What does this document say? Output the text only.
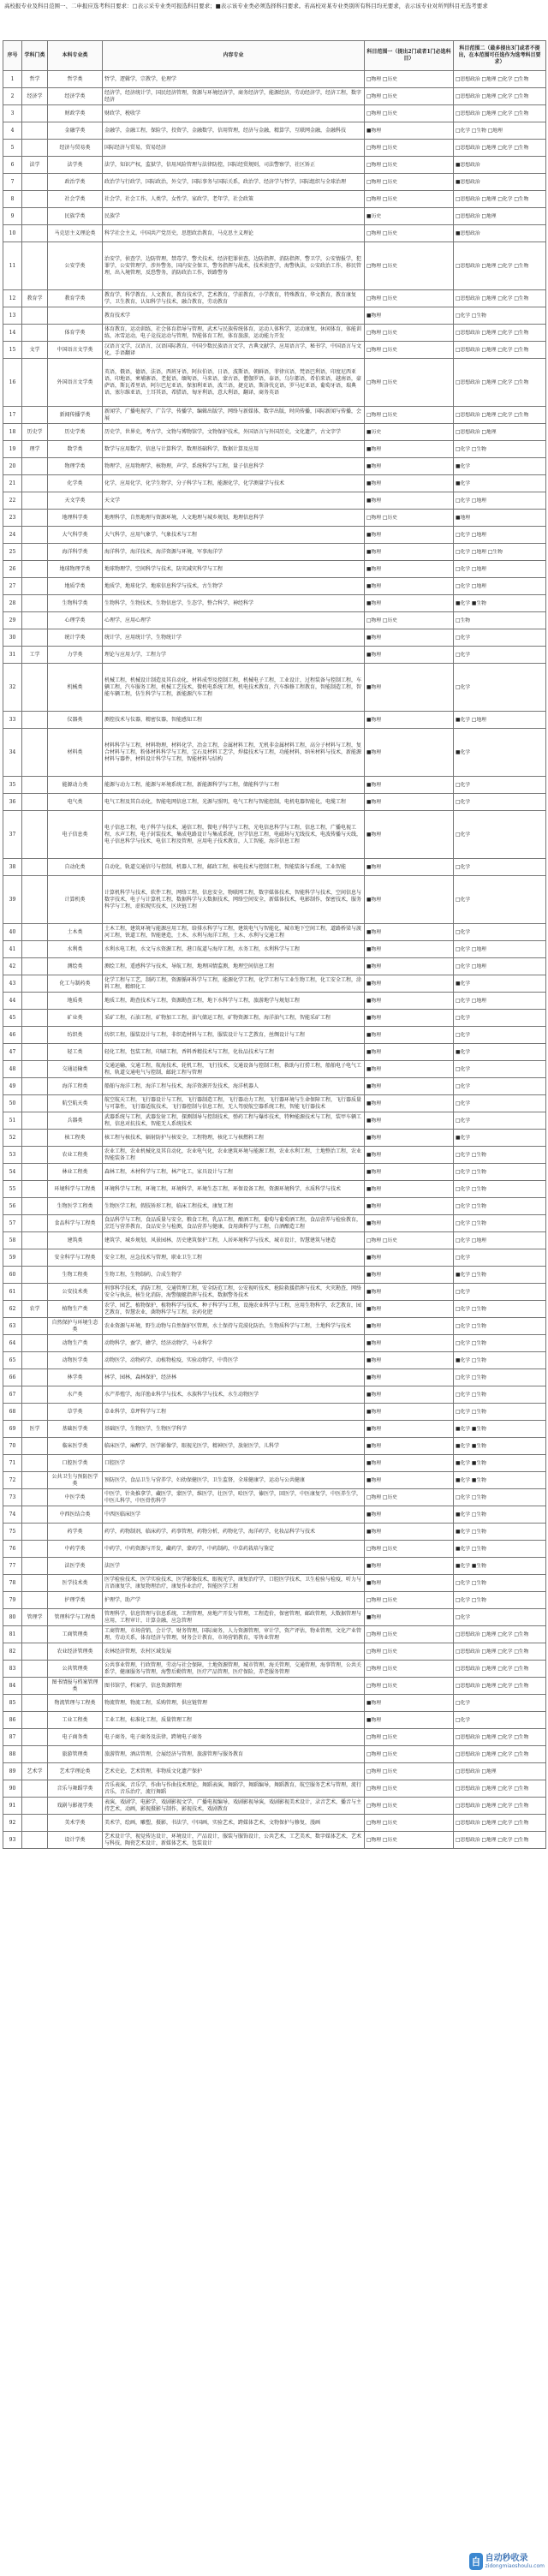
高校报专业及科目范围一、二申报应选考科目要求：□表示采专业类可报选科目要求；■表示该专业类必须选择科目要求。若高校对某专业类别所有科目均无要求，表示该专业对所列科目无选考要求
序号	学科门类	本科专业类	内容专业	科目范围一（提出2门或者1门必选科目）	科目范围二（最多提出3门或者不提出，在本范围可任选作为选考科目要求）
1	哲学	哲学类	哲学，逻辑学，宗教学，伦理学	□物理 □历史	□思想政治 □地理 □化学 □生物
2	经济学	经济学类	经济学，经济统计学，国民经济管理，资源与环境经济学，商务经济学，能源经济，劳动经济学，经济工程，数字经济	□物理 □历史	□思想政治 □地理 □化学 □生物
3		财政学类	财政学，税收学	□物理 □历史	□思想政治 □地理 □化学 □生物
4		金融学类	金融学，金融工程，保险学，投资学，金融数学，信用管理，经济与金融，精算学，互联网金融，金融科技	■物理	□化学 □生物 □地理
5		经济与贸易类	国际经济与贸易，贸易经济	□物理 □历史	□思想政治 □地理 □化学 □生物
6	法学	法学类	法学，知识产权，监狱学，信用风险管理与法律防控，国际经贸规则，司法警察学，社区矫正	□物理 □历史	■思想政治
7		政治学类	政治学与行政学，国际政治，外交学，国际事务与国际关系，政治学、经济学与哲学，国际组织与全球治理	□物理 □历史	■思想政治
8		社会学类	社会学，社会工作，人类学，女性学，家政学，老年学，社会政策	□物理 □历史	□思想政治 □地理 □化学 □生物
9		民族学类	民族学	■历史	□思想政治 □地理
10		马克思主义理论类	科学社会主义，中国共产党历史，思想政治教育，马克思主义理论	□物理 □历史	■思想政治
11		公安学类	治安学，侦查学，边防管理，禁毒学，警犬技术，经济犯罪侦查，边防指挥，消防指挥，警卫学，公安情报学，犯罪学，公安管理学，涉外警务，国内安全保卫，警务指挥与战术，技术侦查学，海警执法，公安政治工作，移民管理，出入境管理，反恐警务，消防政治工作，铁路警务	□物理 □历史	□思想政治 □地理 □化学 □生物
12	教育学	教育学类	教育学，科学教育，人文教育，教育技术学，艺术教育，学前教育，小学教育，特殊教育，华文教育，教育康复学，卫生教育，认知科学与技术，融合教育，劳动教育	□物理 □历史	□思想政治 □地理 □化学 □生物
13			教育技术学	■物理	□化学 □生物
14		体育学类	体育教育，运动训练，社会体育指导与管理，武术与民族传统体育，运动人体科学，运动康复，休闲体育，体能训练，冰雪运动，电子竞技运动与管理，智能体育工程，体育旅游，运动能力开发	□物理 □历史	□思想政治 □地理 □化学 □生物
15	文学	中国语言文学类	汉语言文学，汉语言，汉语国际教育，中国少数民族语言文学，古典文献学，应用语言学，秘书学，中国语言与文化，手语翻译	□物理 □历史	□思想政治 □地理 □化学 □生物
16		外国语言文学类	英语，俄语，德语，法语，西班牙语，阿拉伯语，日语，波斯语，朝鲜语，菲律宾语，梵语巴利语，印度尼西亚语，印地语，柬埔寨语，老挝语，缅甸语，马来语，蒙古语，僧伽罗语，泰语，乌尔都语，希伯来语，越南语，豪萨语，斯瓦希里语，阿尔巴尼亚语，保加利亚语，波兰语，捷克语，斯洛伐克语，罗马尼亚语，葡萄牙语，瑞典语，塞尔维亚语，土耳其语，希腊语，匈牙利语，意大利语，翻译，商务英语	□物理 □历史	□思想政治 □地理 □化学 □生物
17		新闻传播学类	新闻学，广播电视学，广告学，传播学，编辑出版学，网络与新媒体，数字出版，时尚传播，国际新闻与传播，会展	□物理 □历史	□思想政治 □地理 □化学 □生物
18	历史学	历史学类	历史学，世界史，考古学，文物与博物馆学，文物保护技术，外国语言与外国历史，文化遗产，古文字学	■历史	□思想政治 □地理
19	理学	数学类	数学与应用数学，信息与计算科学，数理基础科学，数据计算及应用	■物理	□化学 □生物
20		物理学类	物理学，应用物理学，核物理，声学，系统科学与工程，量子信息科学	■物理	■化学
21		化学类	化学，应用化学，化学生物学，分子科学与工程，能源化学，化学测量学与技术	■物理	■化学
22		天文学类	天文学	■物理	□化学 □地理
23		地理科学类	地理科学，自然地理与资源环境，人文地理与城乡规划，地理信息科学	□物理 □历史	■地理
24		大气科学类	大气科学，应用气象学，气象技术与工程	■物理	□化学 □地理
25		海洋科学类	海洋科学，海洋技术，海洋资源与环境，军事海洋学	■物理	□化学 □地理 □生物
26		地球物理学类	地球物理学，空间科学与技术，防灾减灾科学与工程	■物理	□化学 □地理
27		地质学类	地质学，地球化学，地球信息科学与技术，古生物学	■物理	□化学 □地理
28		生物科学类	生物科学，生物技术，生物信息学，生态学，整合科学，神经科学	■物理	■化学 ■生物
29		心理学类	心理学，应用心理学	□物理 □历史	□生物
30		统计学类	统计学，应用统计学，生物统计学	■物理	□化学
31	工学	力学类	理论与应用力学，工程力学	■物理	□化学
32		机械类	机械工程，机械设计制造及其自动化，材料成型及控制工程，机械电子工程，工业设计，过程装备与控制工程，车辆工程，汽车服务工程，机械工艺技术，微机电系统工程，机电技术教育，汽车维修工程教育，智能制造工程，智能车辆工程，仿生科学与工程，新能源汽车工程	■物理	□化学
33		仪器类	测控技术与仪器，精密仪器，智能感知工程	■物理	■化学 □地理
34		材料类	材料科学与工程，材料物理，材料化学，冶金工程，金属材料工程，无机非金属材料工程，高分子材料与工程，复合材料与工程，粉体材料科学与工程，宝石及材料工艺学，焊接技术与工程，功能材料，纳米材料与技术，新能源材料与器件，材料设计科学与工程，智能材料与结构	■物理	■化学
35		能源动力类	能源与动力工程，能源与环境系统工程，新能源科学与工程，储能科学与工程	■物理	□化学
36		电气类	电气工程及其自动化，智能电网信息工程，光源与照明，电气工程与智能控制，电机电器智能化，电缆工程	■物理	□化学
37		电子信息类	电子信息工程，电子科学与技术，通信工程，微电子科学与工程，光电信息科学与工程，信息工程，广播电视工程，水声工程，电子封装技术，集成电路设计与集成系统，医学信息工程，电磁场与无线技术，电波传播与天线，电子信息科学与技术，电信工程及管理，应用电子技术教育，人工智能，海洋信息工程	■物理	□化学
38		自动化类	自动化，轨道交通信号与控制，机器人工程，邮政工程，核电技术与控制工程，智能装备与系统，工业智能	■物理	□化学
39		计算机类	计算机科学与技术，软件工程，网络工程，信息安全，物联网工程，数字媒体技术，智能科学与技术，空间信息与数字技术，电子与计算机工程，数据科学与大数据技术，网络空间安全，新媒体技术，电影制作，保密技术，服务科学与工程，虚拟现实技术，区块链工程	■物理	□化学
40		土木类	土木工程，建筑环境与能源应用工程，给排水科学与工程，建筑电气与智能化，城市地下空间工程，道路桥梁与渡河工程，铁道工程，智能建造，土木、水利与海洋工程，土木、水利与交通工程	■物理	□化学
41		水利类	水利水电工程，水文与水资源工程，港口航道与海岸工程，水务工程，水利科学与工程	■物理	□化学 □地理
42		测绘类	测绘工程，遥感科学与技术，导航工程，地理国情监测，地理空间信息工程	■物理	□化学 □地理
43		化工与制药类	化学工程与工艺，制药工程，资源循环科学与工程，能源化学工程，化学工程与工业生物工程，化工安全工程，涂料工程，精细化工	■物理	■化学
44		地质类	地质工程，勘查技术与工程，资源勘查工程，地下水科学与工程，旅游地学与规划工程	■物理	□化学 □地理
45		矿业类	采矿工程，石油工程，矿物加工工程，油气储运工程，矿物资源工程，海洋油气工程，智能采矿工程	■物理	□化学
46		纺织类	纺织工程，服装设计与工程，非织造材料与工程，服装设计与工艺教育，丝绸设计与工程	■物理	□化学
47		轻工类	轻化工程，包装工程，印刷工程，香料香精技术与工程，化妆品技术与工程	■物理	■化学
48		交通运输类	交通运输，交通工程，航海技术，轮机工程，飞行技术，交通设备与控制工程，救助与打捞工程，船舶电子电气工程，轨道交通电气与控制，邮轮工程与管理	■物理	□化学
49		海洋工程类	船舶与海洋工程，海洋工程与技术，海洋资源开发技术，海洋机器人	■物理	□化学
50		航空航天类	航空航天工程，飞行器设计与工程，飞行器制造工程，飞行器动力工程，飞行器环境与生命保障工程，飞行器质量与可靠性，飞行器适航技术，飞行器控制与信息工程，无人驾驶航空器系统工程，智能飞行器技术	■物理	□化学
51		兵器类	武器系统与工程，武器发射工程，探测制导与控制技术，弹药工程与爆炸技术，特种能源技术与工程，装甲车辆工程，信息对抗技术，智能无人系统技术	■物理	□化学
52		核工程类	核工程与核技术，辐射防护与核安全，工程物理，核化工与核燃料工程	■物理	■化学
53		农业工程类	农业工程，农业机械化及其自动化，农业电气化，农业建筑环境与能源工程，农业水利工程，土地整治工程，农业智能装备工程	■物理	□化学 □生物
54		林业工程类	森林工程，木材科学与工程，林产化工，家具设计与工程	■物理	□化学 □生物
55		环境科学与工程类	环境科学与工程，环境工程，环境科学，环境生态工程，环保设备工程，资源环境科学，水质科学与技术	■物理	□化学 □生物
56		生物医学工程类	生物医学工程，假肢矫形工程，临床工程技术，康复工程	■物理	□化学 □生物
57		食品科学与工程类	食品科学与工程，食品质量与安全，粮食工程，乳品工程，酿酒工程，葡萄与葡萄酒工程，食品营养与检验教育，烹饪与营养教育，食品安全与检测，食品营养与健康，食用菌科学与工程，白酒酿造工程	■物理	□化学 □生物
58		建筑类	建筑学，城乡规划，风景园林，历史建筑保护工程，人居环境科学与技术，城市设计，智慧建筑与建造	□物理 □历史	□化学 □地理
59		安全科学与工程类	安全工程，应急技术与管理，职业卫生工程	■物理	□化学
60		生物工程类	生物工程，生物制药，合成生物学	■物理	■化学 □生物
61		公安技术类	刑事科学技术，消防工程，交通管理工程，安全防范工程，公安视听技术，抢险救援指挥与技术，火灾勘查，网络安全与执法，核生化消防，海警舰艇指挥与技术，数据警务技术	■物理	□化学
62	农学	植物生产类	农学，园艺，植物保护，植物科学与技术，种子科学与工程，设施农业科学与工程，应用生物科学，农艺教育，园艺教育，智慧农业，菌物科学与工程，农药化肥	■物理	□化学 □生物
63		自然保护与环境生态类	农业资源与环境，野生动物与自然保护区管理，水土保持与荒漠化防治，生物质科学与工程，土地科学与技术	■物理	□化学 □生物
64		动物生产类	动物科学，蚕学，蜂学，经济动物学，马业科学	■物理	□化学 □生物
65		动物医学类	动物医学，动物药学，动植物检疫，实验动物学，中兽医学	■物理	■化学 □生物
66		林学类	林学，园林，森林保护，经济林	■物理	□化学 □生物
67		水产类	水产养殖学，海洋渔业科学与技术，水族科学与技术，水生动物医学	■物理	□化学 □生物
68		草学类	草业科学，草坪科学与工程	■物理	□化学 □生物
69	医学	基础医学类	基础医学，生物医学，生物医学科学	■物理	■化学 ■生物
70		临床医学类	临床医学，麻醉学，医学影像学，眼视光医学，精神医学，放射医学，儿科学	■物理	■化学 ■生物
71		口腔医学类	口腔医学	■物理	■化学 ■生物
72		公共卫生与预防医学类	预防医学，食品卫生与营养学，妇幼保健医学，卫生监督，全球健康学，运动与公共健康	■物理	■化学 ■生物
73		中医学类	中医学，针灸推拿学，藏医学，蒙医学，维医学，壮医学，哈医学，傣医学，回医学，中医康复学，中医养生学，中医儿科学，中医骨伤科学	□物理 □历史	□化学 □生物
74		中西医结合类	中西医临床医学	■物理	■化学 □生物
75		药学类	药学，药物制剂，临床药学，药事管理，药物分析，药物化学，海洋药学，化妆品科学与技术	■物理	■化学 □生物
76		中药学类	中药学，中药资源与开发，藏药学，蒙药学，中药制药，中草药栽培与鉴定	□物理 □历史	■化学 □生物
77		法医学类	法医学	■物理	■化学 ■生物
78		医学技术类	医学检验技术，医学实验技术，医学影像技术，眼视光学，康复治疗学，口腔医学技术，卫生检验与检疫，听力与言语康复学，康复物理治疗，康复作业治疗，智能医学工程	■物理	□化学 □生物
79		护理学类	护理学，助产学	□物理 □历史	□化学 □生物
80	管理学	管理科学与工程类	管理科学，信息管理与信息系统，工程管理，房地产开发与管理，工程造价，保密管理，邮政管理，大数据管理与应用，工程审计，计算金融，应急管理	■物理	□化学
81		工商管理类	工商管理，市场营销，会计学，财务管理，国际商务，人力资源管理，审计学，资产评估，物业管理，文化产业管理，劳动关系，体育经济与管理，财务会计教育，市场营销教育，零售业管理	□物理 □历史	□思想政治 □地理 □化学 □生物
82		农业经济管理类	农林经济管理，农村区域发展	□物理 □历史	□思想政治 □地理 □化学 □生物
83		公共管理类	公共事业管理，行政管理，劳动与社会保障，土地资源管理，城市管理，海关管理，交通管理，海事管理，公共关系学，健康服务与管理，海警后勤管理，医疗产品管理，医疗保险，养老服务管理	□物理 □历史	□思想政治 □地理 □化学 □生物
84		图书情报与档案管理类	图书馆学，档案学，信息资源管理	□物理 □历史	□思想政治 □地理 □化学 □生物
85		物流管理与工程类	物流管理，物流工程，采购管理，供应链管理	■物理	□化学
86		工业工程类	工业工程，标准化工程，质量管理工程	■物理	□化学
87		电子商务类	电子商务，电子商务及法律，跨境电子商务	□物理 □历史	□思想政治 □地理 □化学 □生物
88		旅游管理类	旅游管理，酒店管理，会展经济与管理，旅游管理与服务教育	□物理 □历史	□思想政治 □地理 □化学 □生物
89	艺术学	艺术学理论类	艺术史论，艺术管理，非物质文化遗产保护	□物理 □历史	□思想政治 □地理
90		音乐与舞蹈学类	音乐表演，音乐学，作曲与作曲技术理论，舞蹈表演，舞蹈学，舞蹈编导，舞蹈教育，航空服务艺术与管理，流行音乐，音乐治疗，流行舞蹈	□物理 □历史	□思想政治 □地理 □化学 □生物
91		戏剧与影视学类	表演，戏剧学，电影学，戏剧影视文学，广播电视编导，戏剧影视导演，戏剧影视美术设计，录音艺术，播音与主持艺术，动画，影视摄影与制作，影视技术，戏剧教育	□物理 □历史	□思想政治 □地理 □化学 □生物
92		美术学类	美术学，绘画，雕塑，摄影，书法学，中国画，实验艺术，跨媒体艺术，文物保护与修复，漫画	□物理 □历史	□思想政治 □地理 □化学 □生物
93		设计学类	艺术设计学，视觉传达设计，环境设计，产品设计，服装与服饰设计，公共艺术，工艺美术，数字媒体艺术，艺术与科技，陶瓷艺术设计，新媒体艺术，包装设计	□物理 □历史	□思想政治 □地理 □化学 □生物
自 自动秒收录
zidongmiaoshoulu.com
